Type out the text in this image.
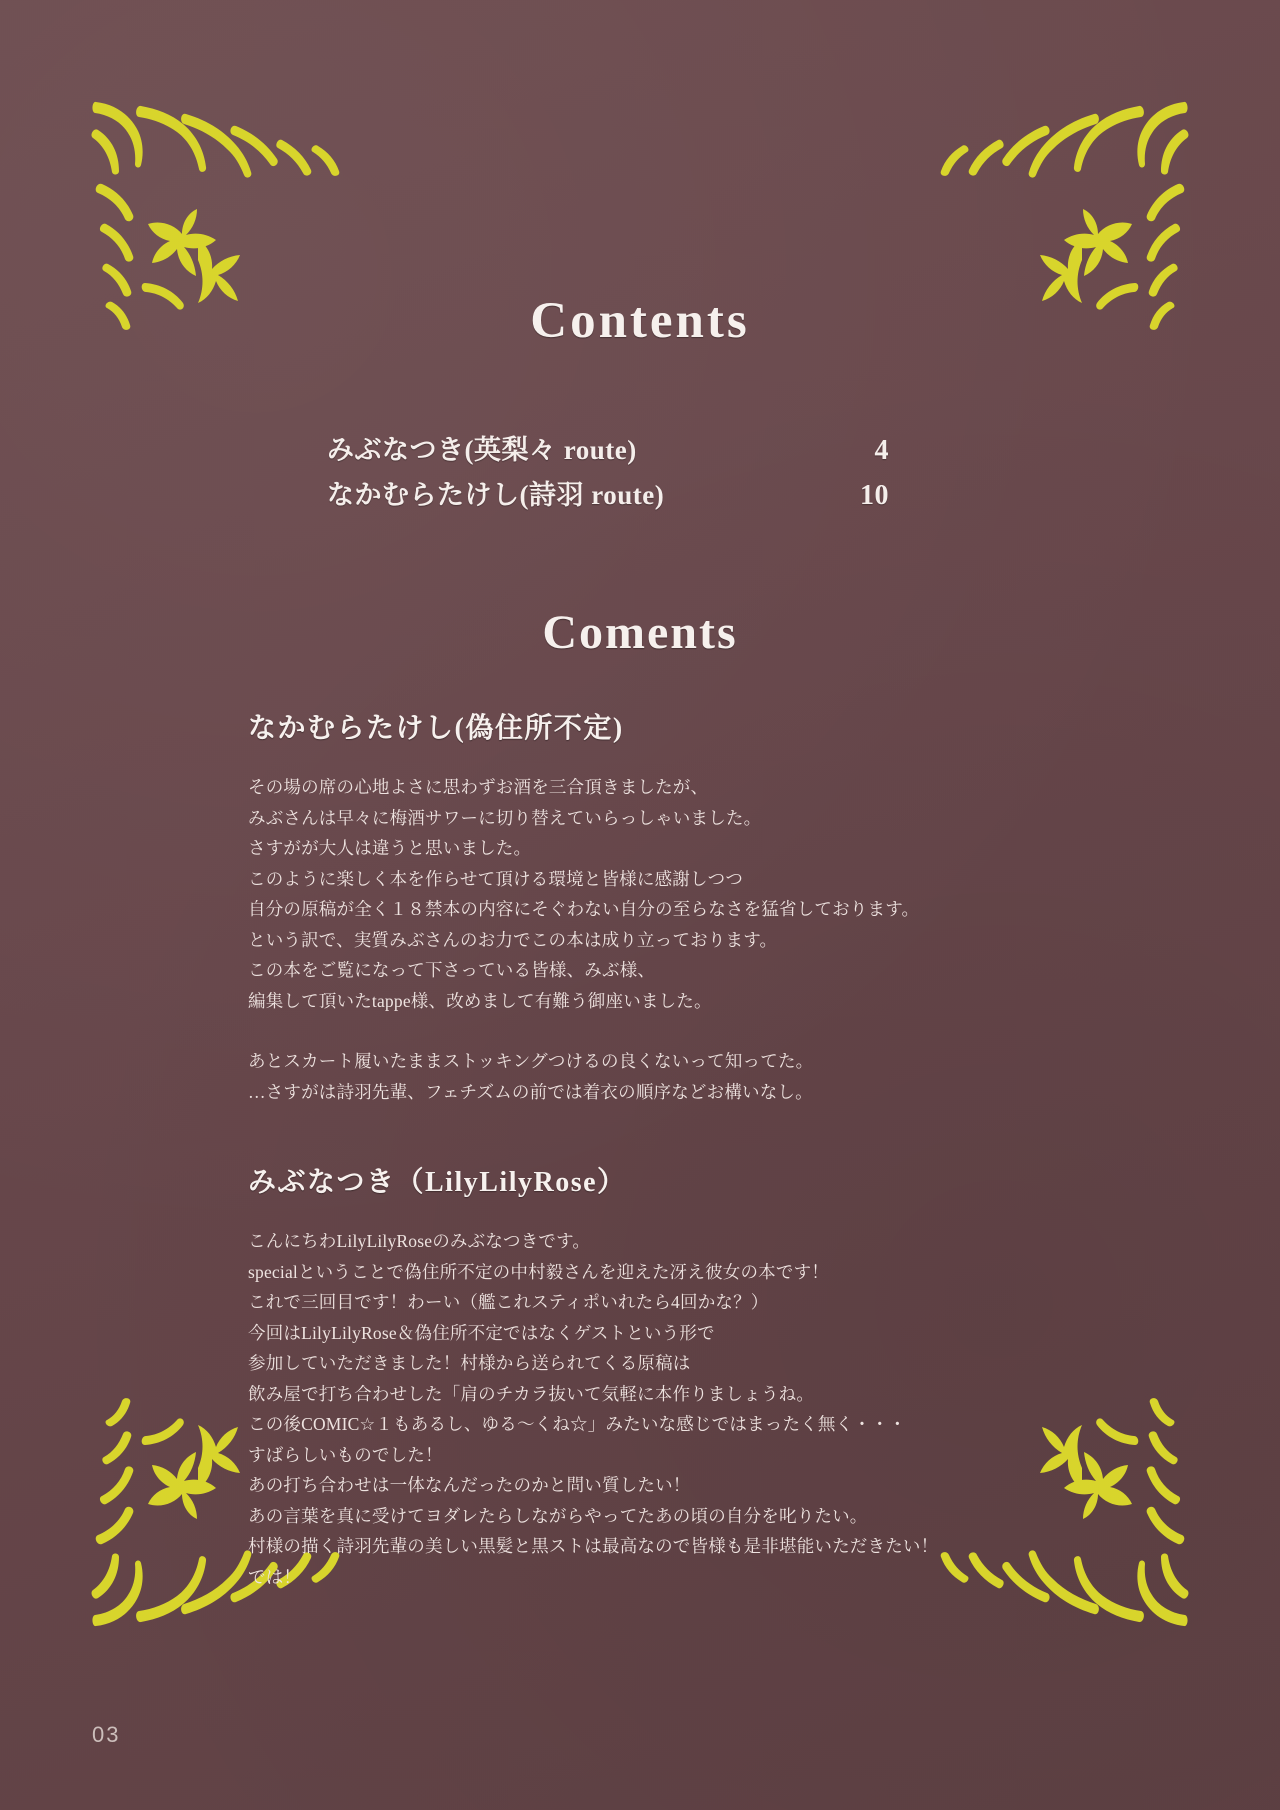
Contents
みぶなつき(英梨々 route)	4
なかむらたけし(詩羽 route)	10
Coments
なかむらたけし(偽住所不定)

その場の席の心地よさに思わずお酒を三合頂きましたが、

みぶさんは早々に梅酒サワーに切り替えていらっしゃいました。

さすがが大人は違うと思いました。

このように楽しく本を作らせて頂ける環境と皆様に感謝しつつ

自分の原稿が全く１８禁本の内容にそぐわない自分の至らなさを猛省しております。

という訳で、実質みぶさんのお力でこの本は成り立っております。

この本をご覧になって下さっている皆様、みぶ様、

編集して頂いたtappe様、改めまして有難う御座いました。

あとスカート履いたままストッキングつけるの良くないって知ってた。

…さすがは詩羽先輩、フェチズムの前では着衣の順序などお構いなし。

みぶなつき（LilyLilyRose）

こんにちわLilyLilyRoseのみぶなつきです。

specialということで偽住所不定の中村毅さんを迎えた冴え彼女の本です！

これで三回目です！わーい（艦これスティポいれたら4回かな？）

今回はLilyLilyRose＆偽住所不定ではなくゲストという形で

参加していただきました！村様から送られてくる原稿は

飲み屋で打ち合わせした「肩のチカラ抜いて気軽に本作りましょうね。

この後COMIC☆１もあるし、ゆる〜くね☆」みたいな感じではまったく無く・・・

すばらしいものでした！

あの打ち合わせは一体なんだったのかと問い質したい！

あの言葉を真に受けてヨダレたらしながらやってたあの頃の自分を叱りたい。

村様の描く詩羽先輩の美しい黒髪と黒ストは最高なので皆様も是非堪能いただきたい！

では！

03
